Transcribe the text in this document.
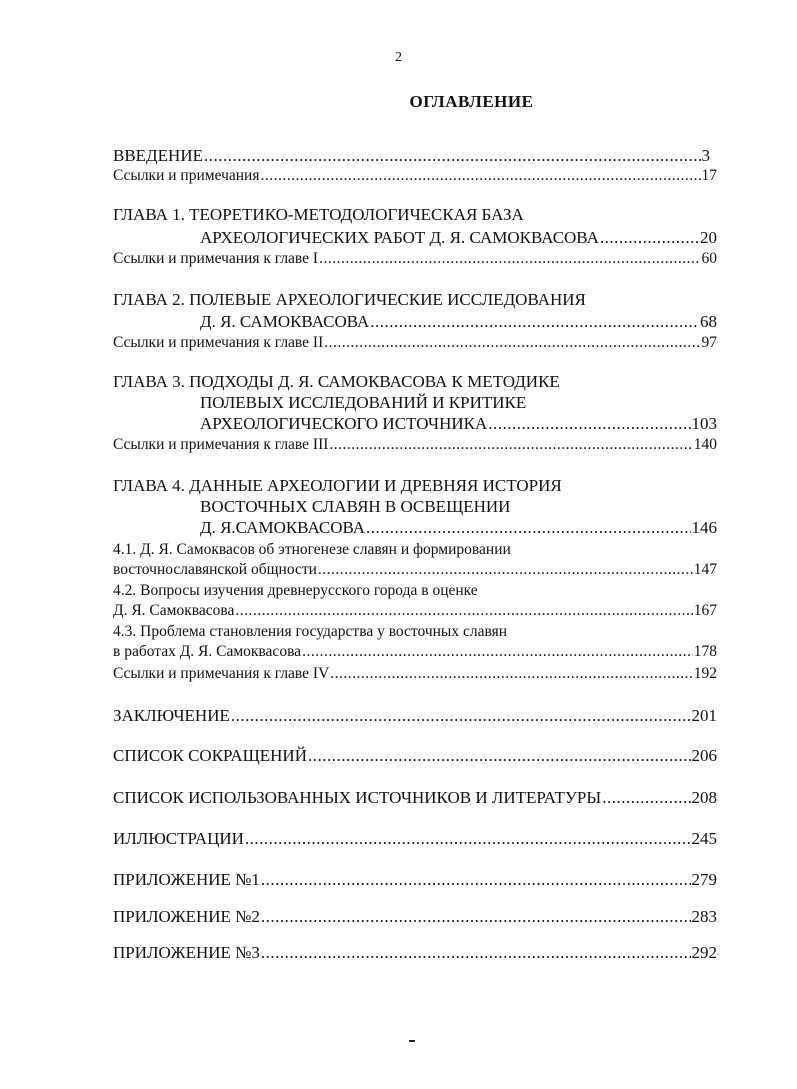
2
ОГЛАВЛЕНИЕ
ВВЕДЕНИЕ .....	3
Ссылки и примечания .....	17
ГЛАВА 1. ТЕОРЕТИКО-МЕТОДОЛОГИЧЕСКАЯ БАЗА
АРХЕОЛОГИЧЕСКИХ РАБОТ Д. Я. САМОКВАСОВА .....	20
Ссылки и примечания к главе I .....	60
ГЛАВА 2. ПОЛЕВЫЕ АРХЕОЛОГИЧЕСКИЕ ИССЛЕДОВАНИЯ
Д. Я. САМОКВАСОВА .....	68
Ссылки и примечания к главе II .....	97
ГЛАВА 3. ПОДХОДЫ Д. Я. САМОКВАСОВА К МЕТОДИКЕ
ПОЛЕВЫХ ИССЛЕДОВАНИЙ И КРИТИКЕ
АРХЕОЛОГИЧЕСКОГО ИСТОЧНИКА .....	103
Ссылки и примечания к главе III .....	140
ГЛАВА 4. ДАННЫЕ АРХЕОЛОГИИ И ДРЕВНЯЯ ИСТОРИЯ
ВОСТОЧНЫХ СЛАВЯН В ОСВЕЩЕНИИ
Д. Я.САМОКВАСОВА .....	146
4.1. Д. Я. Самоквасов об этногенезе славян и формировании
восточнославянской общности .....	147
4.2. Вопросы изучения древнерусского города в оценке
Д. Я. Самоквасова .....	167
4.3. Проблема становления государства у восточных славян
в работах Д. Я. Самоквасова .....	178
Ссылки и примечания к главе IV .....	192
ЗАКЛЮЧЕНИЕ .....	201
СПИСОК СОКРАЩЕНИЙ .....	206
СПИСОК ИСПОЛЬЗОВАННЫХ ИСТОЧНИКОВ И ЛИТЕРАТУРЫ .....	208
ИЛЛЮСТРАЦИИ .....	245
ПРИЛОЖЕНИЕ №1 .....	279
ПРИЛОЖЕНИЕ №2 .....	283
ПРИЛОЖЕНИЕ №3 .....	292
